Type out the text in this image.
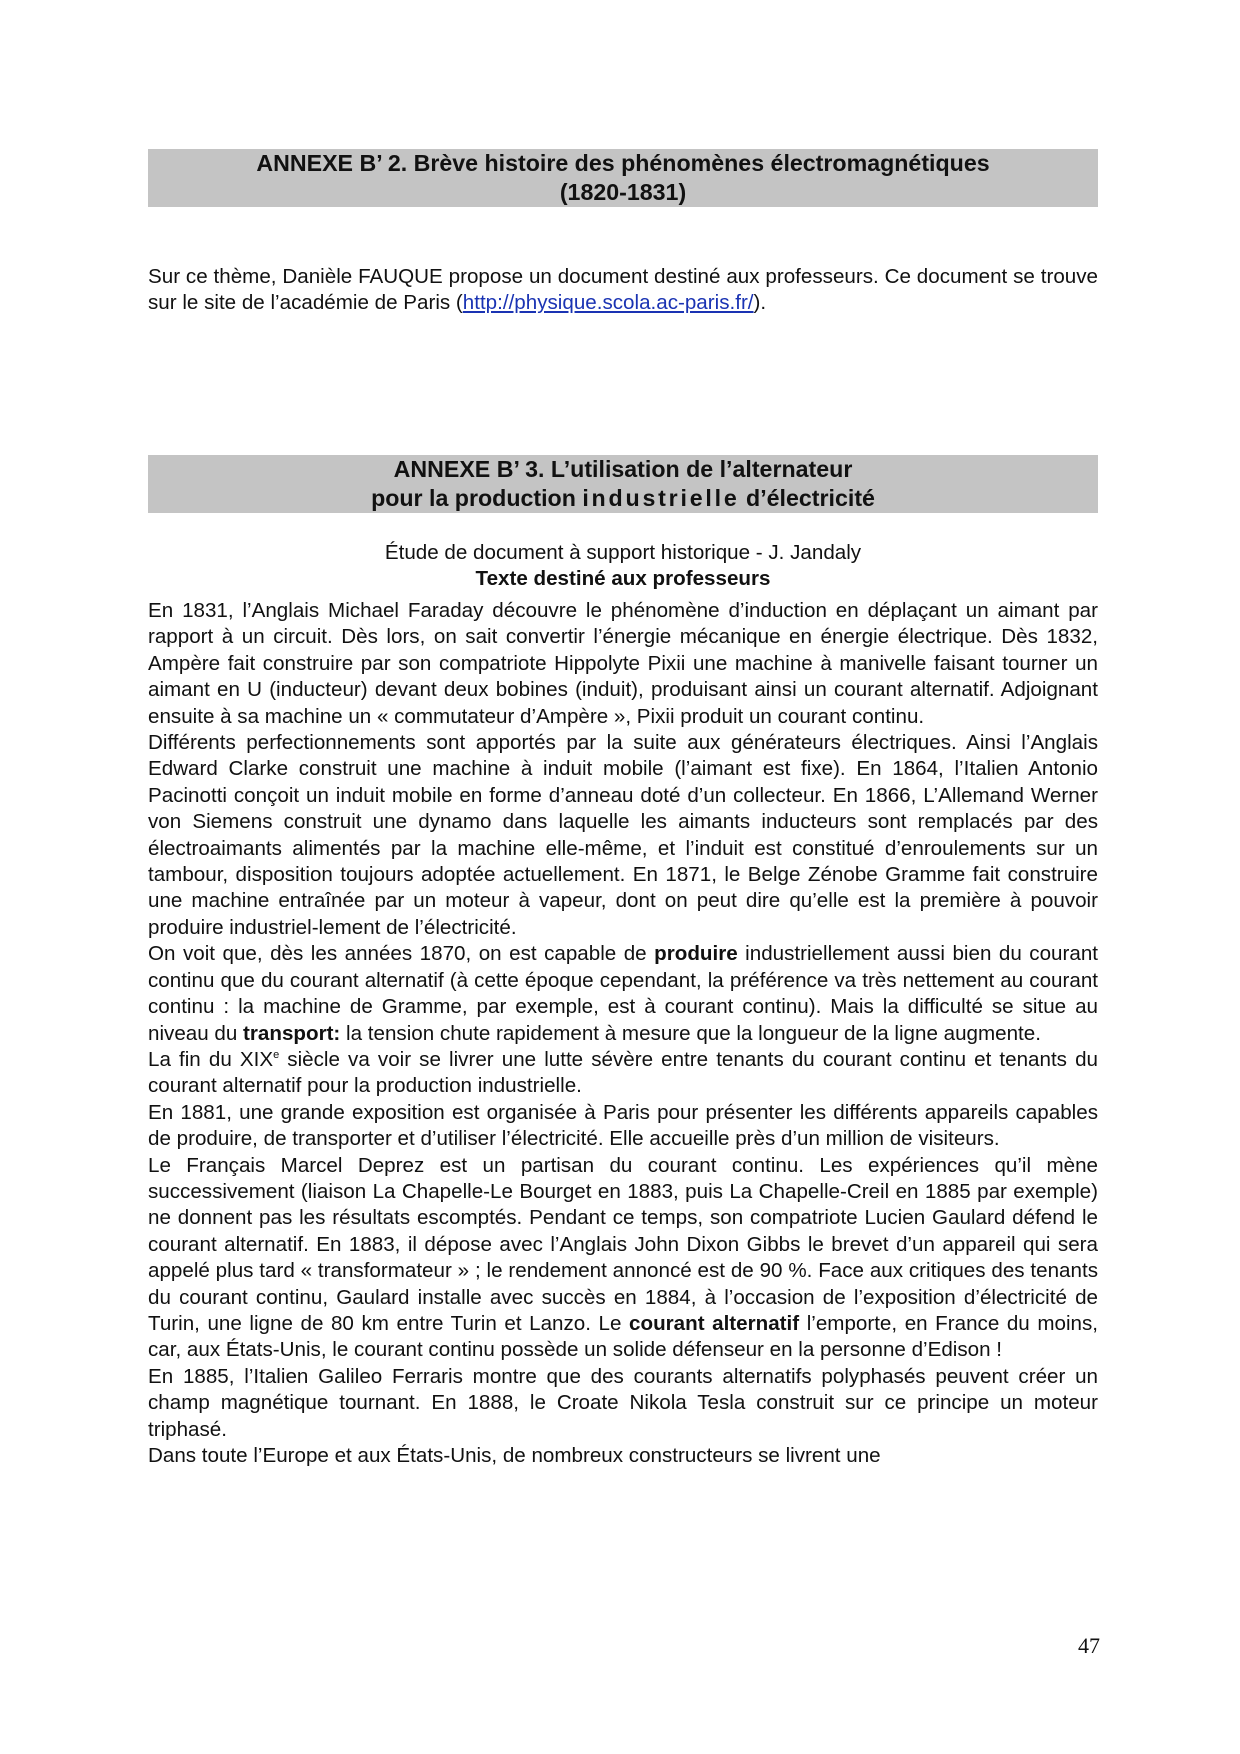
ANNEXE B’ 2. Brève histoire des phénomènes électromagnétiques
(1820-1831)

Sur ce thème, Danièle FAUQUE propose un document destiné aux professeurs. Ce document se trouve sur le site de l’académie de Paris (http://physique.scola.ac-paris.fr/).

ANNEXE B’ 3. L’utilisation de l’alternateur
pour la production industrielle d’électricité
Étude de document à support historique - J. Jandaly
Texte destiné aux professeurs

En 1831, l’Anglais Michael Faraday découvre le phénomène d’induction en déplaçant un aimant par rapport à un circuit. Dès lors, on sait convertir l’énergie mécanique en énergie électrique. Dès 1832, Ampère fait construire par son compatriote Hippolyte Pixii une machine à manivelle faisant tourner un aimant en U (inducteur) devant deux bobines (induit), produisant ainsi un courant alternatif. Adjoignant ensuite à sa machine un « commutateur d’Ampère », Pixii produit un courant continu.

Différents perfectionnements sont apportés par la suite aux générateurs électriques. Ainsi l’Anglais Edward Clarke construit une machine à induit mobile (l’aimant est fixe). En 1864, l’Italien Antonio Pacinotti conçoit un induit mobile en forme d’anneau doté d’un collecteur. En 1866, L’Allemand Werner von Siemens construit une dynamo dans laquelle les aimants inducteurs sont remplacés par des électroaimants alimentés par la machine elle-même, et l’induit est constitué d’enroulements sur un tambour, disposition toujours adoptée actuellement. En 1871, le Belge Zénobe Gramme fait construire une machine entraînée par un moteur à vapeur, dont on peut dire qu’elle est la première à pouvoir produire industriel-lement de l’électricité.

On voit que, dès les années 1870, on est capable de produire industriellement aussi bien du courant continu que du courant alternatif (à cette époque cependant, la préférence va très nettement au courant continu : la machine de Gramme, par exemple, est à courant continu). Mais la difficulté se situe au niveau du transport: la tension chute rapidement à mesure que la longueur de la ligne augmente.

La fin du XIXe siècle va voir se livrer une lutte sévère entre tenants du courant continu et tenants du courant alternatif pour la production industrielle.

En 1881, une grande exposition est organisée à Paris pour présenter les différents appareils capables de produire, de transporter et d’utiliser l’électricité. Elle accueille près d’un million de visiteurs.

Le Français Marcel Deprez est un partisan du courant continu. Les expériences qu’il mène successivement (liaison La Chapelle-Le Bourget en 1883, puis La Chapelle-Creil en 1885 par exemple) ne donnent pas les résultats escomptés. Pendant ce temps, son compatriote Lucien Gaulard défend le courant alternatif. En 1883, il dépose avec l’Anglais John Dixon Gibbs le brevet d’un appareil qui sera appelé plus tard « transformateur » ; le rendement annoncé est de 90 %. Face aux critiques des tenants du courant continu, Gaulard installe avec succès en 1884, à l’occasion de l’exposition d’électricité de Turin, une ligne de 80 km entre Turin et Lanzo. Le courant alternatif l’emporte, en France du moins, car, aux États-Unis, le courant continu possède un solide défenseur en la personne d’Edison !

En 1885, l’Italien Galileo Ferraris montre que des courants alternatifs polyphasés peuvent créer un champ magnétique tournant. En 1888, le Croate Nikola Tesla construit sur ce principe un moteur triphasé.

Dans toute l’Europe et aux États-Unis, de nombreux constructeurs se livrent une

47
